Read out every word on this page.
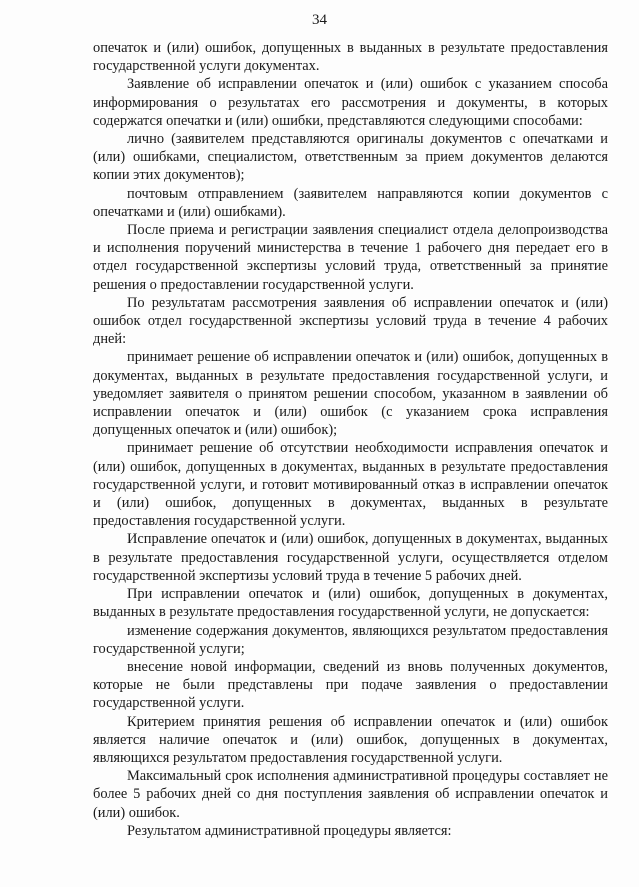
34

опечаток и (или) ошибок, допущенных в выданных в результате предоставления государственной услуги документах.

Заявление об исправлении опечаток и (или) ошибок с указанием способа информирования о результатах его рассмотрения и документы, в которых содержатся опечатки и (или) ошибки, представляются следующими способами:

лично (заявителем представляются оригиналы документов с опечатками и (или) ошибками, специалистом, ответственным за прием документов делаются копии этих документов);

почтовым отправлением (заявителем направляются копии документов с опечатками и (или) ошибками).

После приема и регистрации заявления специалист отдела делопроизводства и исполнения поручений министерства в течение 1 рабочего дня передает его в отдел государственной экспертизы условий труда, ответственный за принятие решения о предоставлении государственной услуги.

По результатам рассмотрения заявления об исправлении опечаток и (или) ошибок отдел государственной экспертизы условий труда в течение 4 рабочих дней:

принимает решение об исправлении опечаток и (или) ошибок, допущенных в документах, выданных в результате предоставления государственной услуги, и уведомляет заявителя о принятом решении способом, указанном в заявлении об исправлении опечаток и (или) ошибок (с указанием срока исправления допущенных опечаток и (или) ошибок);

принимает решение об отсутствии необходимости исправления опечаток и (или) ошибок, допущенных в документах, выданных в результате предоставления государственной услуги, и готовит мотивированный отказ в исправлении опечаток и (или) ошибок, допущенных в документах, выданных в результате предоставления государственной услуги.

Исправление опечаток и (или) ошибок, допущенных в документах, выданных в результате предоставления государственной услуги, осуществляется отделом государственной экспертизы условий труда в течение 5 рабочих дней.

При исправлении опечаток и (или) ошибок, допущенных в документах, выданных в результате предоставления государственной услуги, не допускается:

изменение содержания документов, являющихся результатом предоставления государственной услуги;

внесение новой информации, сведений из вновь полученных документов, которые не были представлены при подаче заявления о предоставлении государственной услуги.

Критерием принятия решения об исправлении опечаток и (или) ошибок является наличие опечаток и (или) ошибок, допущенных в документах, являющихся результатом предоставления государственной услуги.

Максимальный срок исполнения административной процедуры составляет не более 5 рабочих дней со дня поступления заявления об исправлении опечаток и (или) ошибок.

Результатом административной процедуры является:
